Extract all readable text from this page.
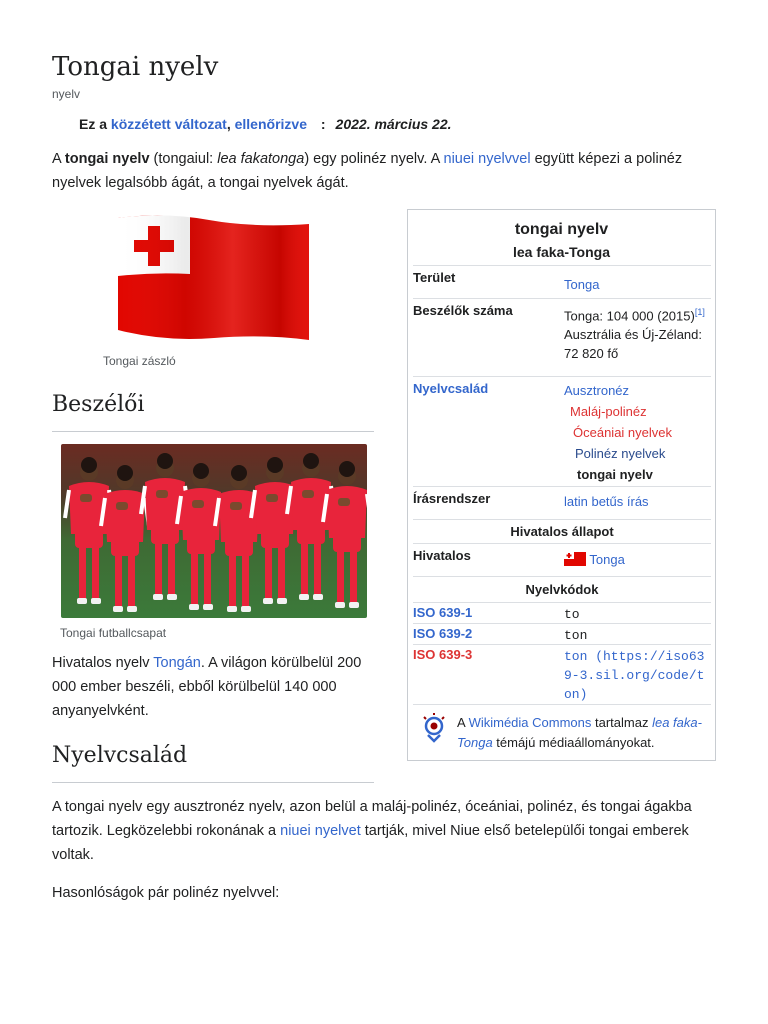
Tongai nyelv
nyelv
Ez a közzétett változat, ellenőrizve : 2022. március 22.
A tongai nyelv (tongaiul: lea fakatonga) egy polinéz nyelv. A niuei nyelvvel együtt képezi a polinéz nyelvek legalsóbb ágát, a tongai nyelvek ágát.
Tongai zászló
Beszélői
Tongai futballcsapat
Hivatalos nyelv Tongán. A világon körülbelül 200 000 ember beszéli, ebből körülbelül 140 000 anyanyelvként.
Nyelvcsalád
A tongai nyelv egy ausztronéz nyelv, azon belül a maláj-polinéz, óceániai, polinéz, és tongai ágakba tartozik. Legközelebbi rokonának a niuei nyelvet tartják, mivel Niue első betelepülői tongai emberek voltak.
Hasonlóságok pár polinéz nyelvvel:
tongai nyelv
lea faka-Tonga
Terület	Tonga
Beszélők száma	Tonga: 104 000 (2015)[1]
Ausztrália és Új-Zéland: 72 820 fő
Nyelvcsalád	Ausztronéz
Maláj-polinéz
Óceániai nyelvek
Polinéz nyelvek
tongai nyelv
Írásrendszer	latin betűs írás
Hivatalos állapot
Hivatalos	Tonga
Nyelvkódok
ISO 639-1	to
ISO 639-2	ton
ISO 639-3	ton (https://iso639-3.sil.org/code/ton)
A Wikimédia Commons tartalmaz lea faka-Tonga témájú médiaállományokat.
